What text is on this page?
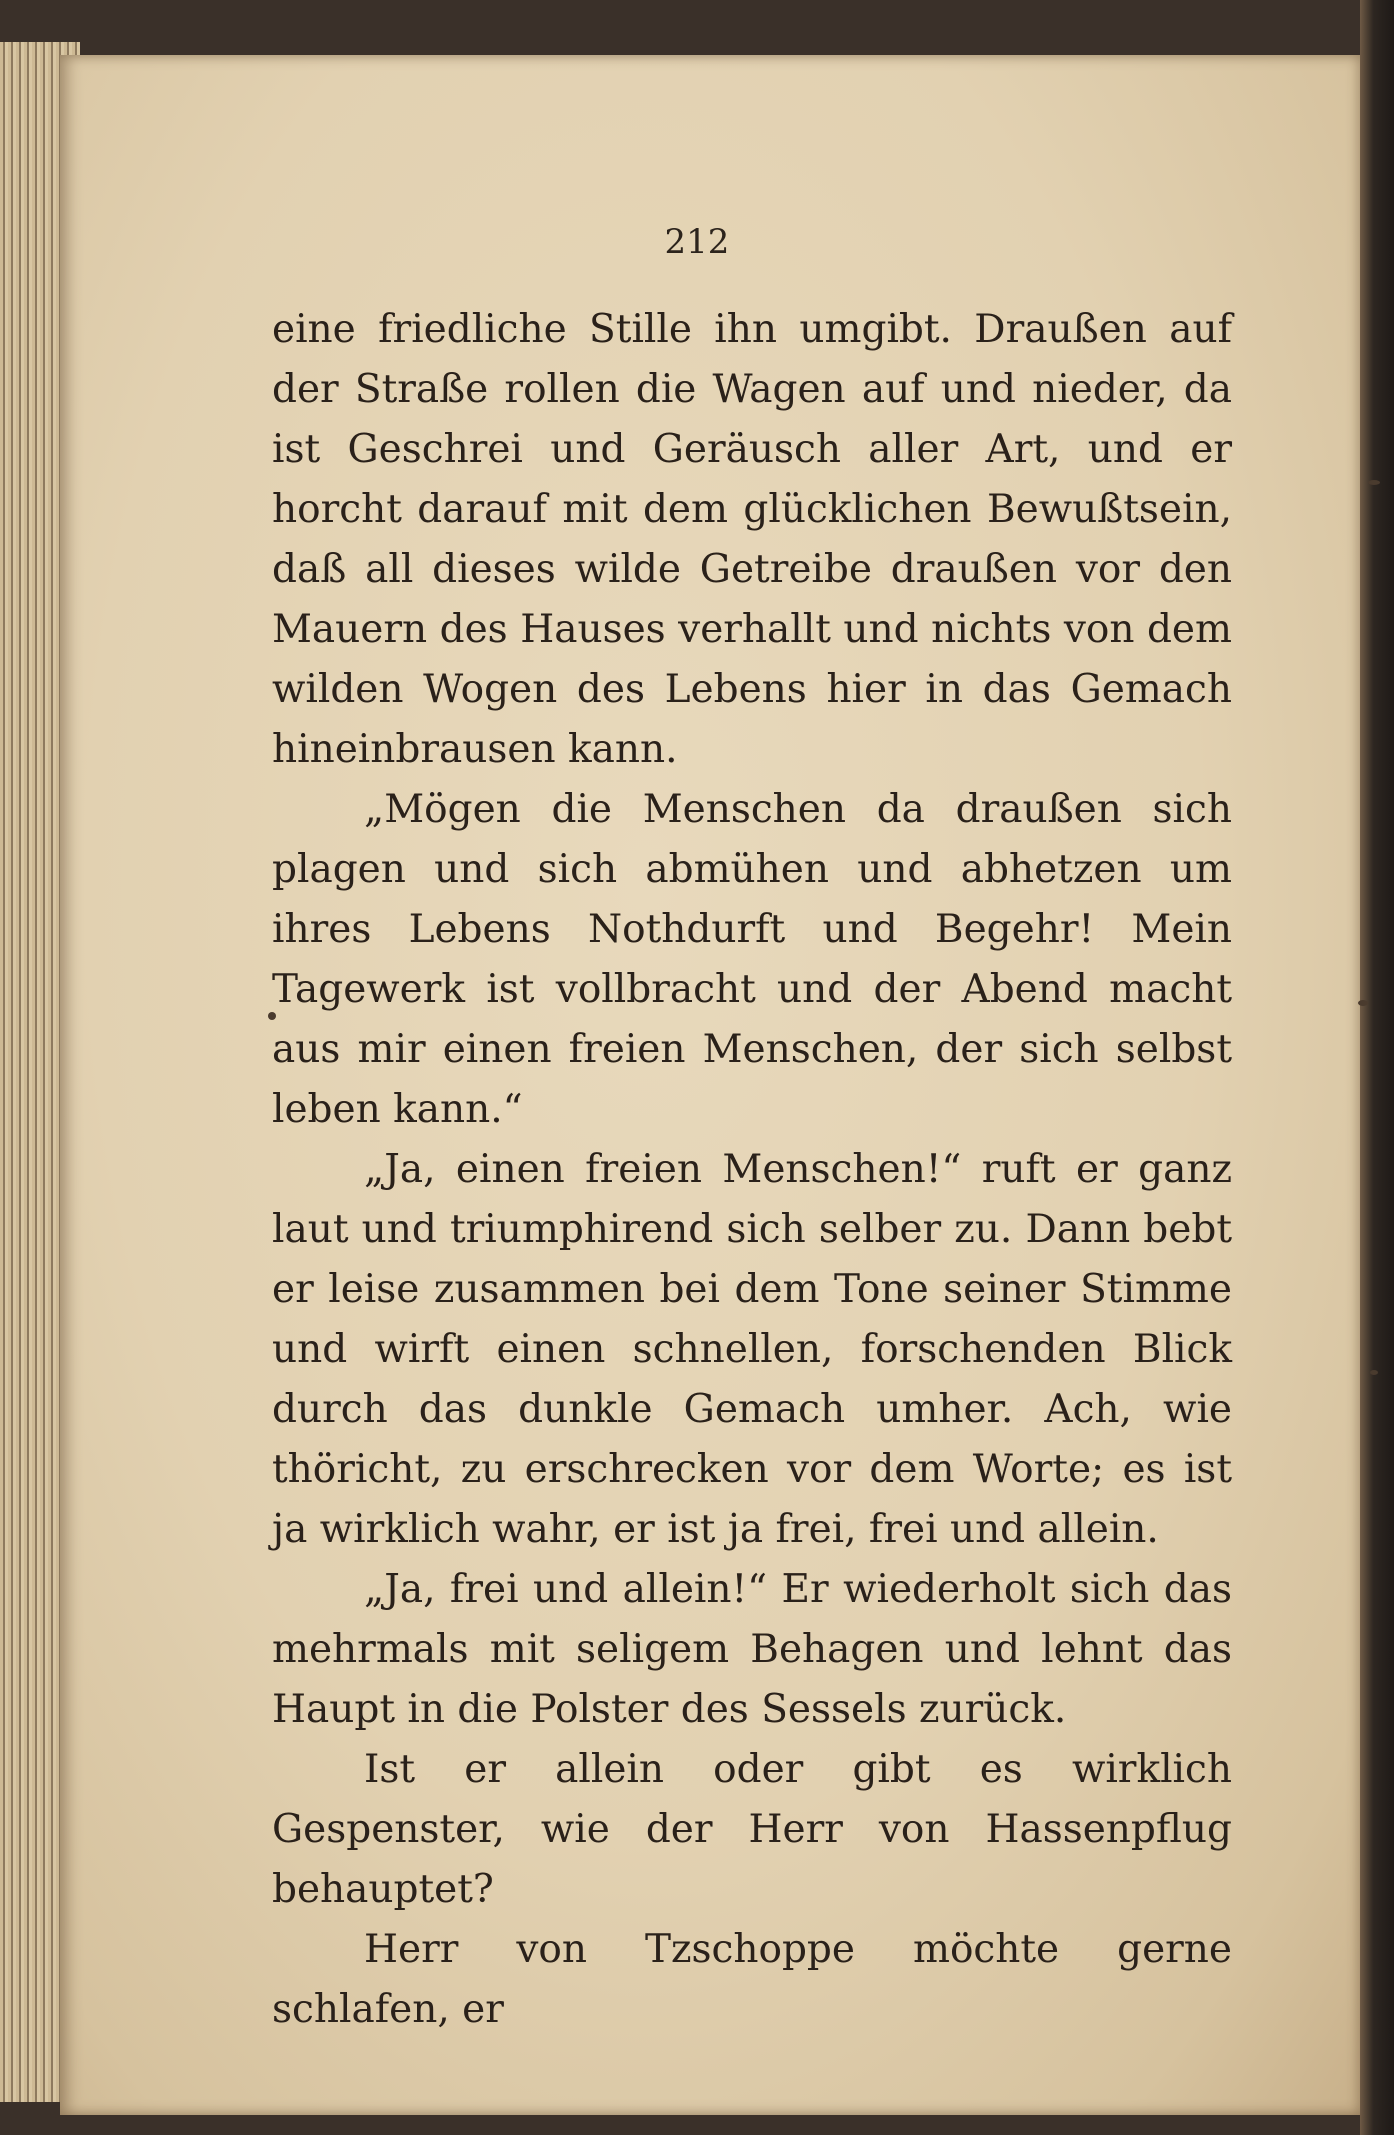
212

eine friedliche Stille ihn umgibt. Draußen auf der Straße rollen die Wagen auf und nieder, da ist Geschrei und Geräusch aller Art, und er horcht darauf mit dem glücklichen Bewußtsein, daß all dieses wilde Getreibe draußen vor den Mauern des Hauses verhallt und nichts von dem wilden Wogen des Lebens hier in das Gemach hineinbrausen kann.

„Mögen die Menschen da draußen sich plagen und sich abmühen und abhetzen um ihres Lebens Nothdurft und Begehr! Mein Tagewerk ist vollbracht und der Abend macht aus mir einen freien Menschen, der sich selbst leben kann.“

„Ja, einen freien Menschen!“ ruft er ganz laut und triumphirend sich selber zu. Dann bebt er leise zusammen bei dem Tone seiner Stimme und wirft einen schnellen, forschenden Blick durch das dunkle Gemach umher. Ach, wie thöricht, zu erschrecken vor dem Worte; es ist ja wirklich wahr, er ist ja frei, frei und allein.

„Ja, frei und allein!“ Er wiederholt sich das mehrmals mit seligem Behagen und lehnt das Haupt in die Polster des Sessels zurück.

Ist er allein oder gibt es wirklich Gespenster, wie der Herr von Hassenpflug behauptet?

Herr von Tzschoppe möchte gerne schlafen, er
